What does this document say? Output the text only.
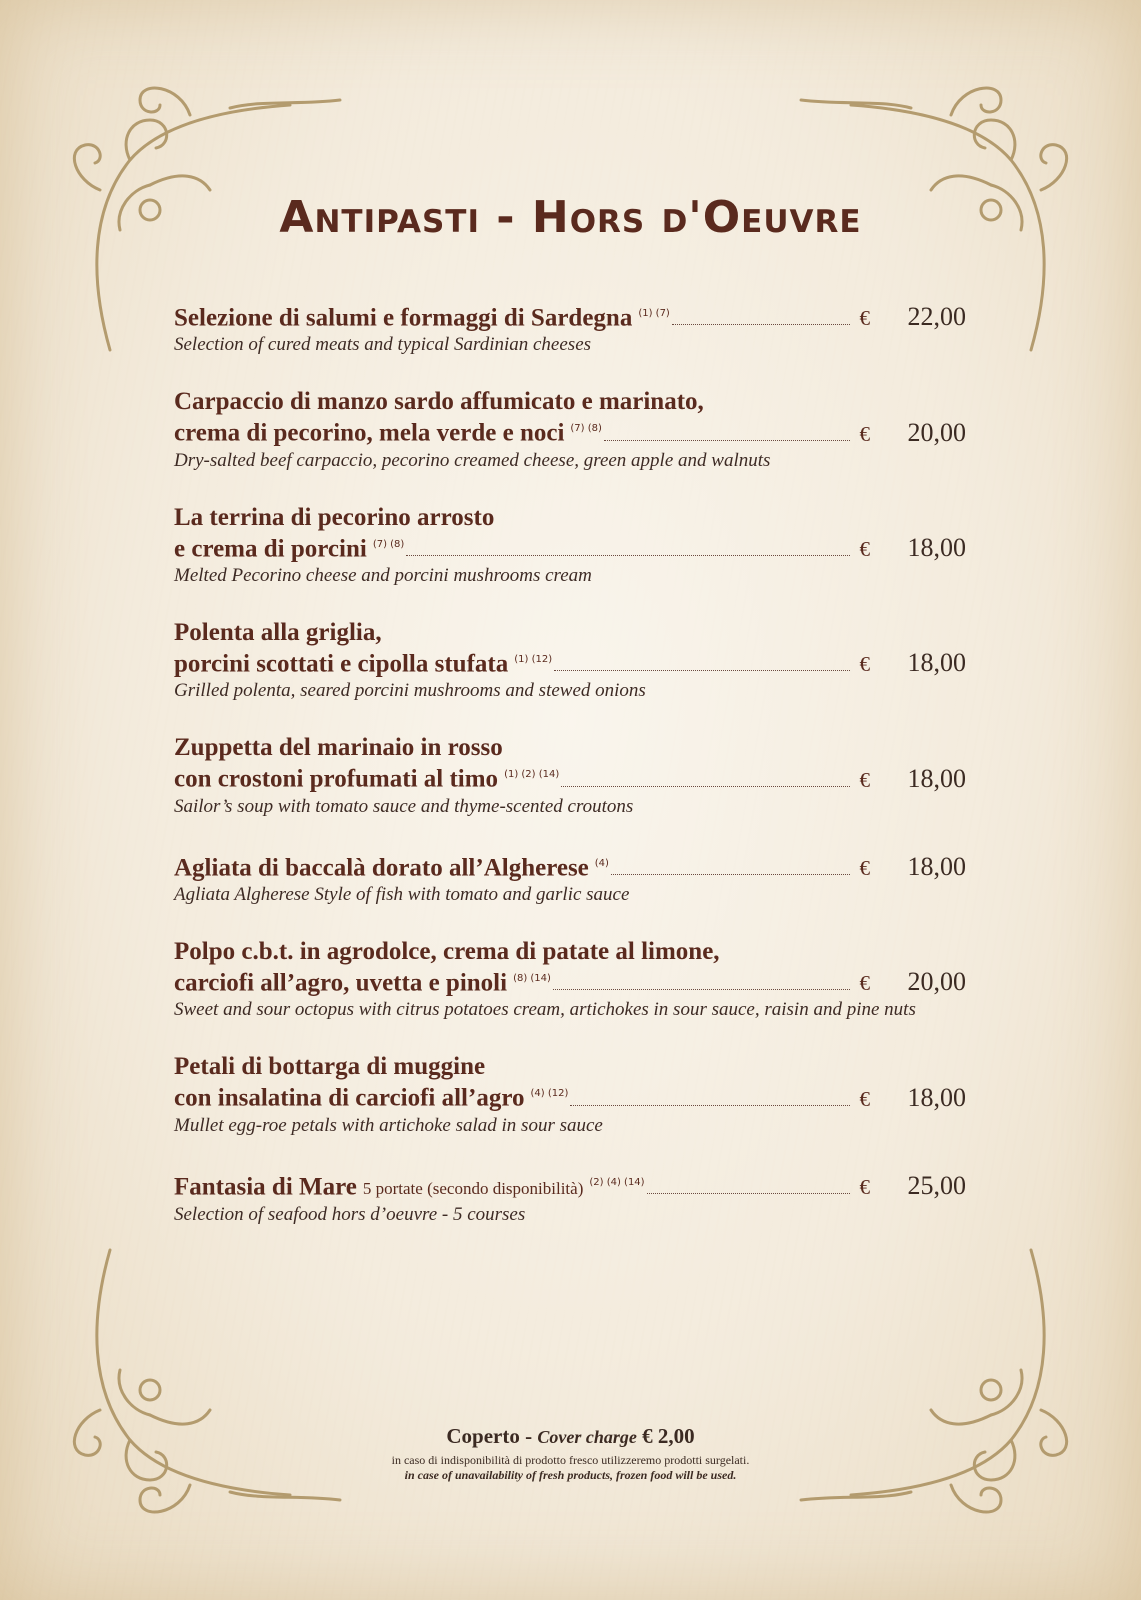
Antipasti - Hors d'Oeuvre
Selezione di salumi e formaggi di Sardegna $^{(1) (7)}$	€	22,00
Selection of cured meats and typical Sardinian cheeses
Carpaccio di manzo sardo affumicato e marinato,
crema di pecorino, mela verde e noci $^{(7) (8)}$	€	20,00
Dry-salted beef carpaccio, pecorino creamed cheese, green apple and walnuts
La terrina di pecorino arrosto
e crema di porcini $^{(7) (8)}$	€	18,00
Melted Pecorino cheese and porcini mushrooms cream
Polenta alla griglia,
porcini scottati e cipolla stufata $^{(1) (12)}$	€	18,00
Grilled polenta, seared porcini mushrooms and stewed onions
Zuppetta del marinaio in rosso
con crostoni profumati al timo $^{(1) (2) (14)}$	€	18,00
Sailor’s soup with tomato sauce and thyme-scented croutons
Agliata di baccalà dorato all’Algherese $^{(4)}$	€	18,00
Agliata Algherese Style of fish with tomato and garlic sauce
Polpo c.b.t. in agrodolce, crema di patate al limone,
carciofi all’agro, uvetta e pinoli $^{(8) (14)}$	€	20,00
Sweet and sour octopus with citrus potatoes cream, artichokes in sour sauce, raisin and pine nuts
Petali di bottarga di muggine
con insalatina di carciofi all’agro $^{(4) (12)}$	€	18,00
Mullet egg-roe petals with artichoke salad in sour sauce
Fantasia di Mare 5 portate (secondo disponibilità) $^{(2) (4) (14)}$	€	25,00
Selection of seafood hors d’oeuvre - 5 courses
Coperto - Cover charge € 2,00
in caso di indisponibilità di prodotto fresco utilizzeremo prodotti surgelati.
in case of unavailability of fresh products, frozen food will be used.
